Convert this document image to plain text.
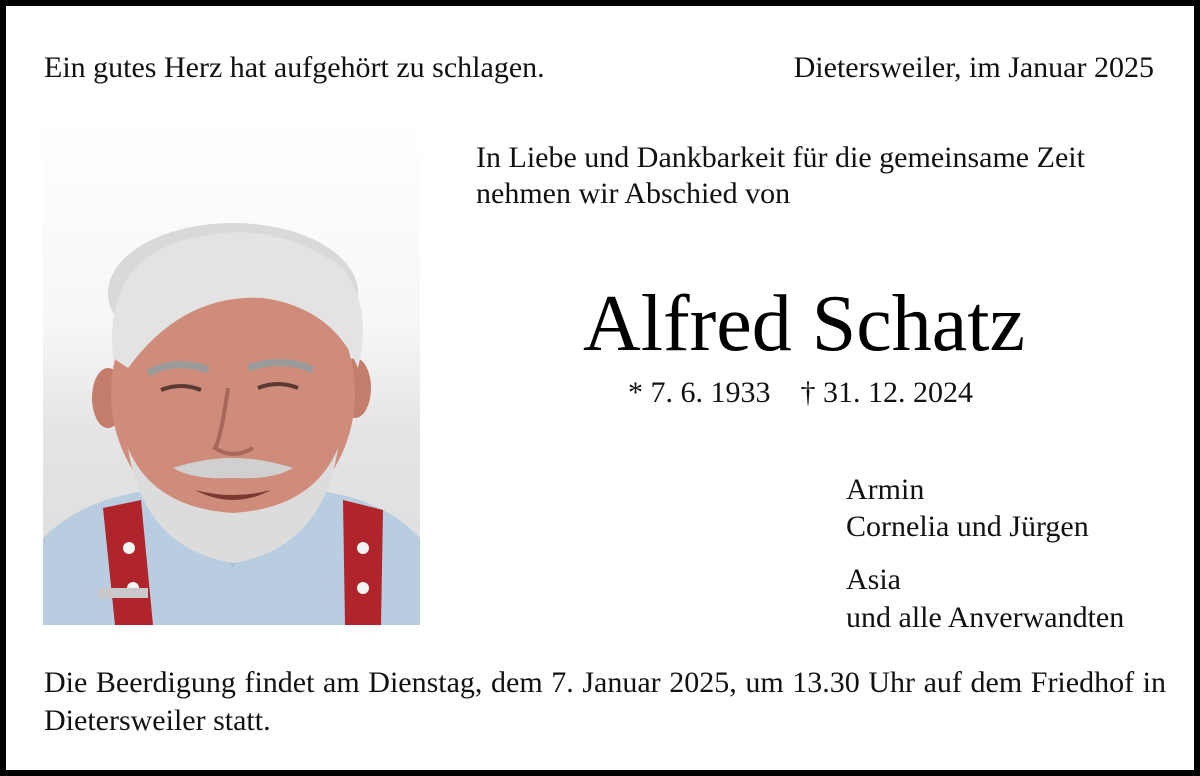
Ein gutes Herz hat aufgehört zu schlagen.	Dietersweiler, im Januar 2025
In Liebe und Dankbarkeit für die gemeinsame Zeit
nehmen wir Abschied von
Alfred Schatz
* 7. 6. 1933 † 31. 12. 2024
Armin
Cornelia und Jürgen
Asia
und alle Anverwandten
Die Beerdigung findet am Dienstag, dem 7. Januar 2025, um 13.30 Uhr auf dem Friedhof in Dietersweiler statt.
